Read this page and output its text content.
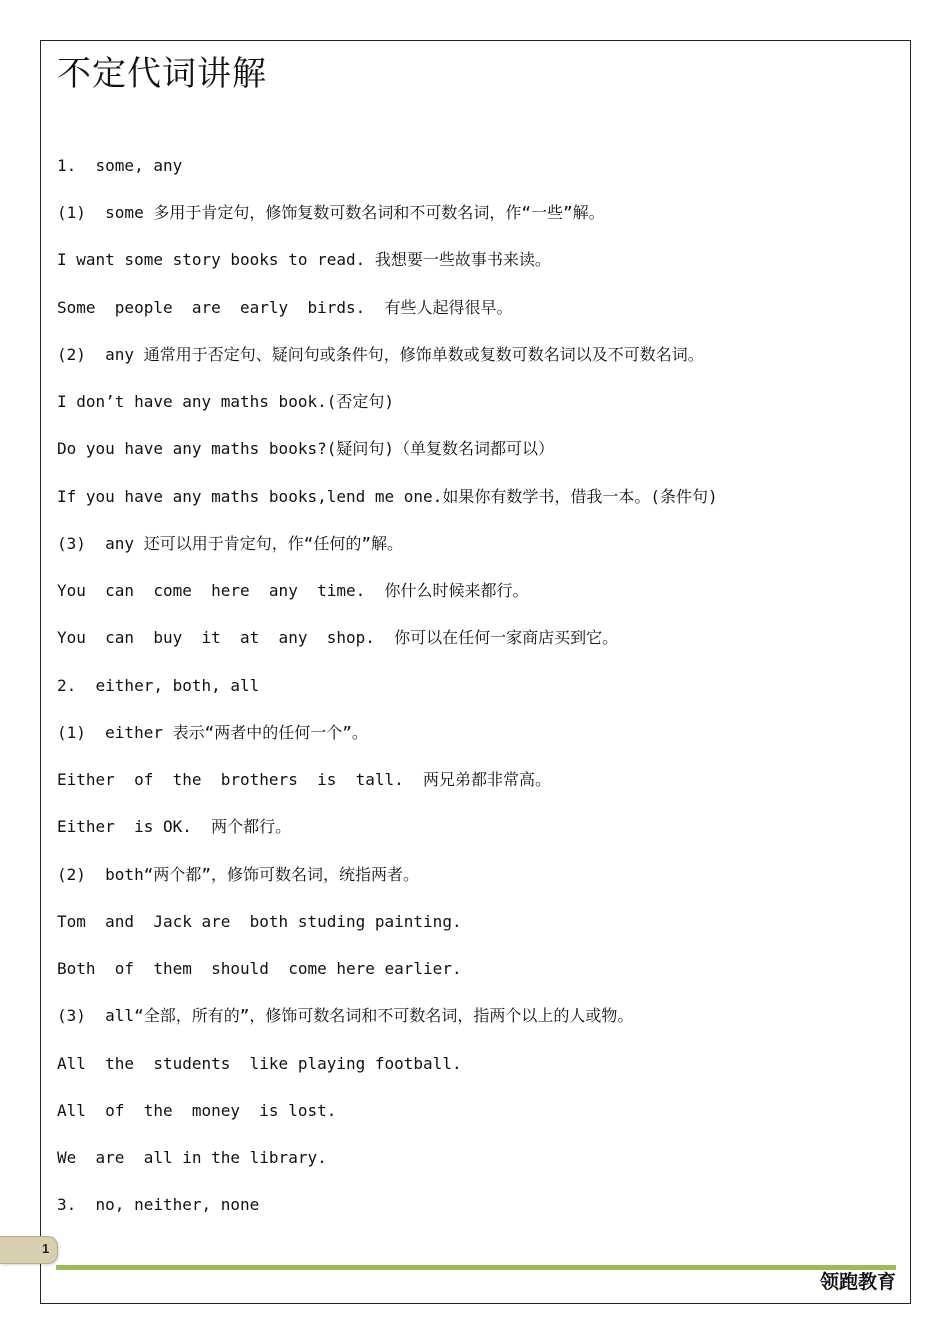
不定代词讲解

1.  some, any

(1)  some 多用于肯定句，修饰复数可数名词和不可数名词，作“一些”解。

I want some story books to read. 我想要一些故事书来读。

Some  people  are  early  birds.  有些人起得很早。

(2)  any 通常用于否定句、疑问句或条件句，修饰单数或复数可数名词以及不可数名词。

I don’t have any maths book.(否定句)

Do you have any maths books?(疑问句)（单复数名词都可以）

If you have any maths books,lend me one.如果你有数学书，借我一本。(条件句)

(3)  any 还可以用于肯定句，作“任何的”解。

You  can  come  here  any  time.  你什么时候来都行。

You  can  buy  it  at  any  shop.  你可以在任何一家商店买到它。

2.  either, both, all

(1)  either 表示“两者中的任何一个”。

Either  of  the  brothers  is  tall.  两兄弟都非常高。

Either  is OK.  两个都行。

(2)  both“两个都”，修饰可数名词，统指两者。

Tom  and  Jack are  both studing painting.

Both  of  them  should  come here earlier.

(3)  all“全部，所有的”，修饰可数名词和不可数名词，指两个以上的人或物。

All  the  students  like playing football.

All  of  the  money  is lost.

We  are  all in the library.

3.  no, neither, none

1

领跑教育
